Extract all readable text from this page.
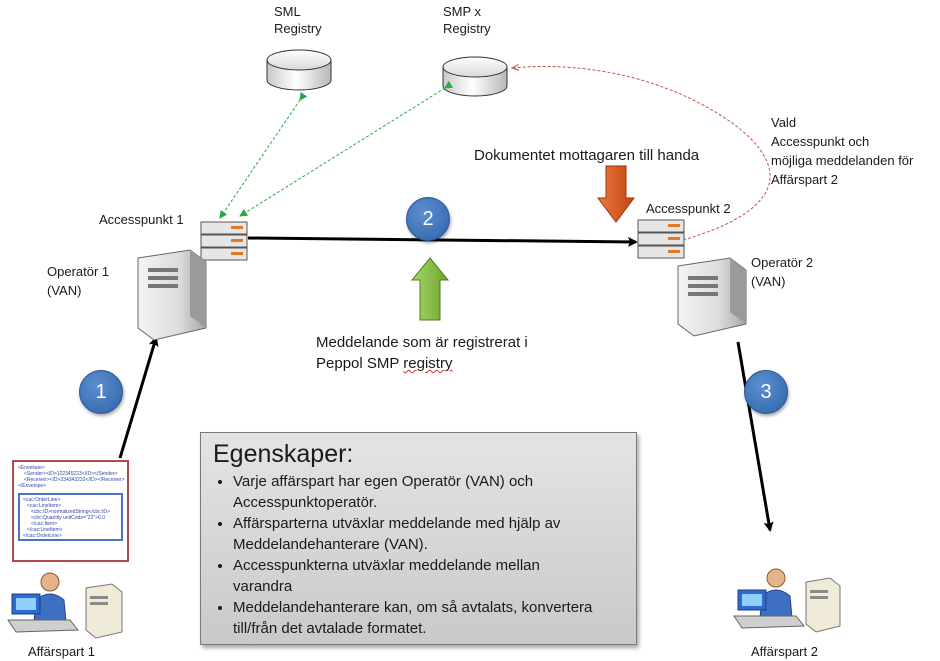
SML
Registry
SMP x
Registry
Vald
Accesspunkt och
möjliga meddelanden för
Affärspart 2
Dokumentet mottagaren till handa
Accesspunkt 1
Accesspunkt 2
Operatör 1
(VAN)
Operatör 2
(VAN)
2
1	3
Meddelande som är registrerat i
Peppol SMP registry
<Envelope>
<Sender><ID>122345223</ID></Sender>
<Receiver><ID>334343232</ID></Receiver>
</Envelope>
<cac:OrderLine>
<cac:LineItem>
<cbc:ID>normalizedString</cbc:ID>
<cbc:Quantity unitCode="22">6.0
</cac:Item>
</cac:LineItem>
</cac:OrderLine>
Egenskaper:
• Varje affärspart har egen Operatör (VAN) och
Accesspunktoperatör.
• Affärsparterna utväxlar meddelande med hjälp av
Meddelandehanterare (VAN).
• Accesspunkterna utväxlar meddelande mellan
varandra
• Meddelandehanterare kan, om så avtalats, konvertera
till/från det avtalade formatet.
Affärspart 1	Affärspart 2
